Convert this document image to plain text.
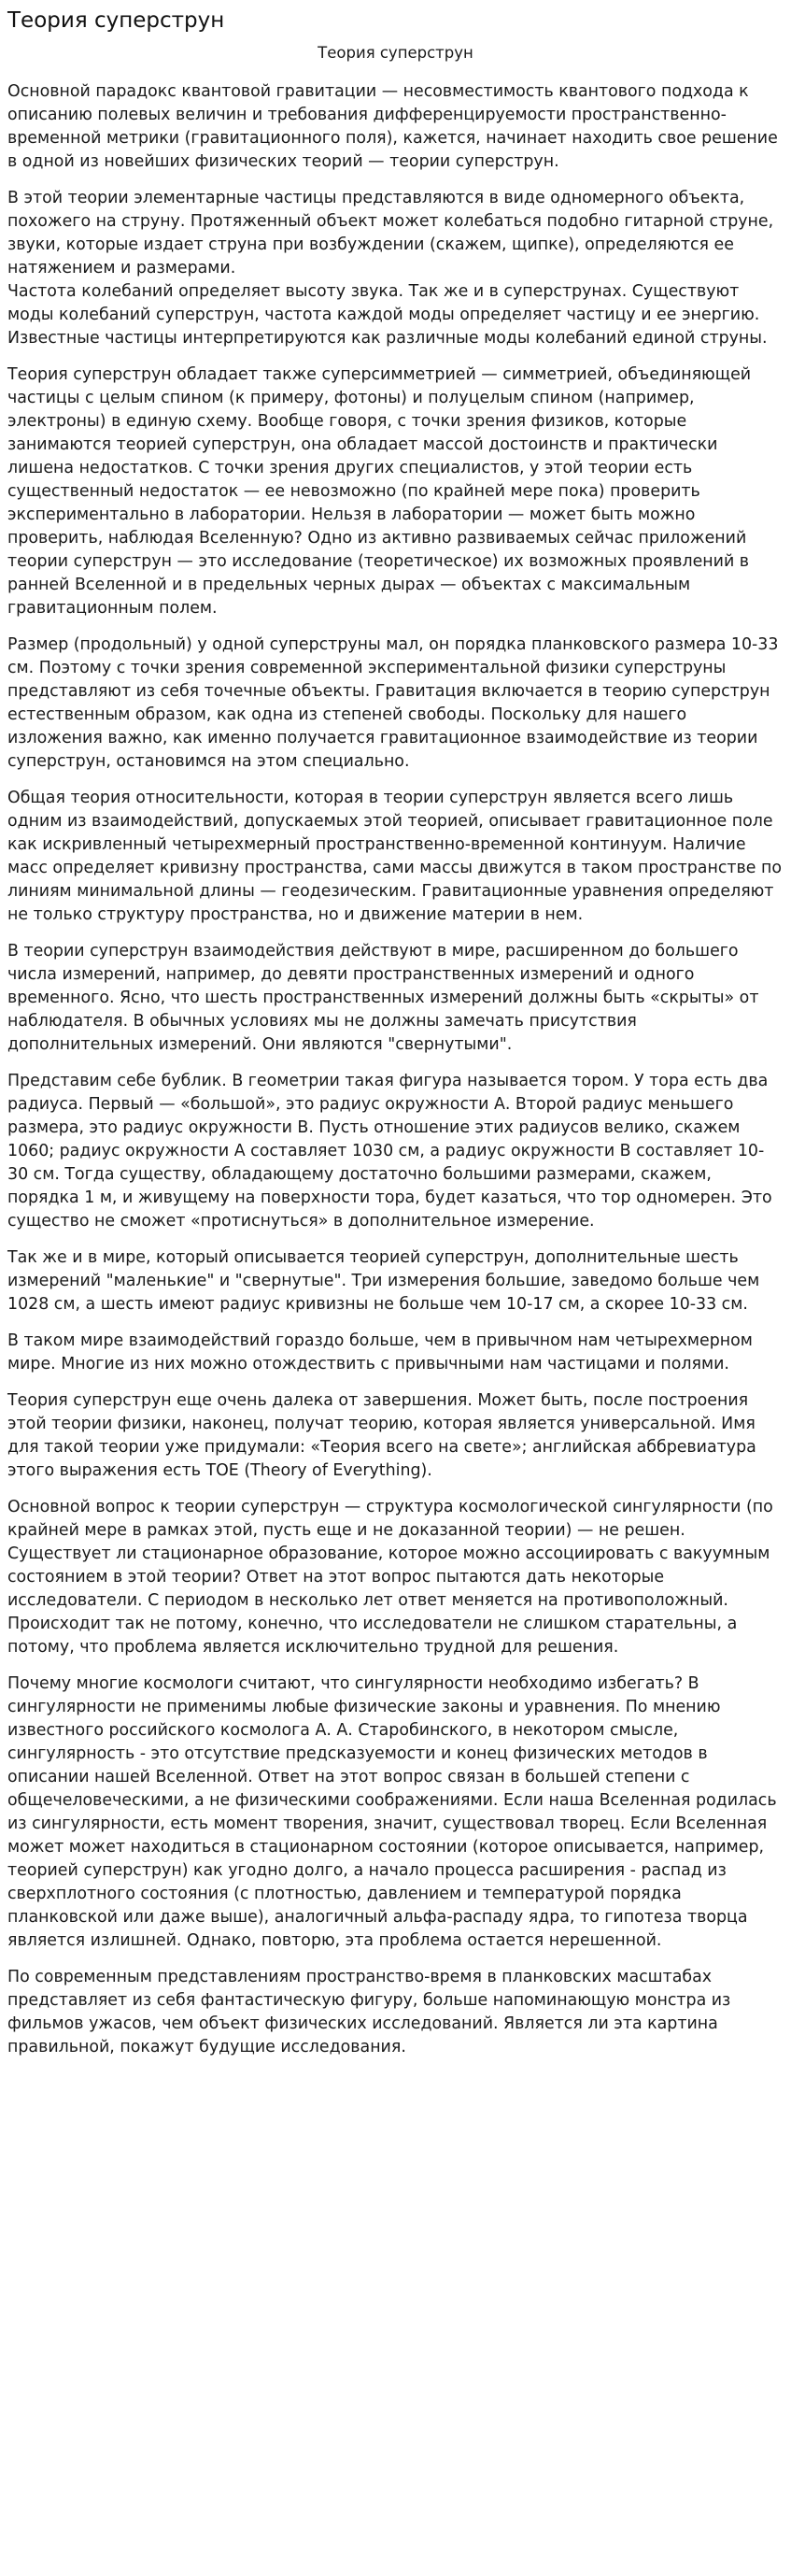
Теория суперструн
Теория суперструн

Основной парадокс квантовой гравитации — несовместимость квантового подхода к описанию полевых величин и требования дифференцируемости пространственно-временной метрики (гравитационного поля), кажется, начинает находить свое решение в одной из новейших физических теорий — теории суперструн.

В этой теории элементарные частицы представляются в виде одномерного объекта, похожего на струну. Протяженный объект может колебаться подобно гитарной струне, звуки, которые издает струна при возбуждении (скажем, щипке), определяются ее натяжением и размерами.

Частота колебаний определяет высоту звука. Так же и в суперструнах. Существуют моды колебаний суперструн, частота каждой моды определяет частицу и ее энергию. Известные частицы интерпретируются как различные моды колебаний единой струны.

Теория суперструн обладает также суперсимметрией — симметрией, объединяющей частицы с целым спином (к примеру, фотоны) и полуцелым спином (например, электроны) в единую схему. Вообще говоря, с точки зрения физиков, которые занимаются теорией суперструн, она обладает массой достоинств и практически лишена недостатков. С точки зрения других специалистов, у этой теории есть существенный недостаток — ее невозможно (по крайней мере пока) проверить экспериментально в лаборатории. Нельзя в лаборатории — может быть можно проверить, наблюдая Вселенную? Одно из активно развиваемых сейчас приложений теории суперструн — это исследование (теоретическое) их возможных проявлений в ранней Вселенной и в предельных черных дырах — объектах с максимальным гравитационным полем.

Размер (продольный) у одной суперструны мал, он порядка планковского размера 10-33 см. Поэтому с точки зрения современной экспериментальной физики суперструны представляют из себя точечные объекты. Гравитация включается в теорию суперструн естественным образом, как одна из степеней свободы. Поскольку для нашего изложения важно, как именно получается гравитационное взаимодействие из теории суперструн, остановимся на этом специально.

Общая теория относительности, которая в теории суперструн является всего лишь одним из взаимодействий, допускаемых этой теорией, описывает гравитационное поле как искривленный четырехмерный пространственно-временной континуум. Наличие масс определяет кривизну пространства, сами массы движутся в таком пространстве по линиям минимальной длины — геодезическим. Гравитационные уравнения определяют не только структуру пространства, но и движение материи в нем.

В теории суперструн взаимодействия действуют в мире, расширенном до большего числа измерений, например, до девяти пространственных измерений и одного временного. Ясно, что шесть пространственных измерений должны быть «скрыты» от наблюдателя. В обычных условиях мы не должны замечать присутствия дополнительных измерений. Они являются "свернутыми".

Представим себе бублик. В геометрии такая фигура называется тором. У тора есть два радиуса. Первый — «большой», это радиус окружности А. Второй радиус меньшего размера, это радиус окружности В. Пусть отношение этих радиусов велико, скажем 1060; радиус окружности А составляет 1030 см, а радиус окружности В составляет 10-30 см. Тогда существу, обладающему достаточно большими размерами, скажем, порядка 1 м, и живущему на поверхности тора, будет казаться, что тор одномерен. Это существо не сможет «протиснуться» в дополнительное измерение.

Так же и в мире, который описывается теорией суперструн, дополнительные шесть измерений "маленькие" и "свернутые". Три измерения большие, заведомо больше чем 1028 см, а шесть имеют радиус кривизны не больше чем 10-17 см, а скорее 10-33 см.

В таком мире взаимодействий гораздо больше, чем в привычном нам четырехмерном мире. Многие из них можно отождествить с привычными нам частицами и полями.

Теория суперструн еще очень далека от завершения. Может быть, после построения этой теории физики, наконец, получат теорию, которая является универсальной. Имя для такой теории уже придумали: «Теория всего на свете»; английская аббревиатура этого выражения есть TOE (Theory of Everything).

Основной вопрос к теории суперструн — структура космологической сингулярности (по крайней мере в рамках этой, пусть еще и не доказанной теории) — не решен. Существует ли стационарное образование, которое можно ассоциировать с вакуумным состоянием в этой теории? Ответ на этот вопрос пытаются дать некоторые исследователи. С периодом в несколько лет ответ меняется на противоположный. Происходит так не потому, конечно, что исследователи не слишком старательны, а потому, что проблема является исключительно трудной для решения.

Почему многие космологи считают, что сингулярности необходимо избегать? В сингулярности не применимы любые физические законы и уравнения. По мнению известного российского космолога А. А. Старобинского, в некотором смысле, сингулярность - это отсутствие предсказуемости и конец физических методов в описании нашей Вселенной. Ответ на этот вопрос связан в большей степени с общечеловеческими, а не физическими соображениями. Если наша Вселенная родилась из сингулярности, есть момент творения, значит, существовал творец. Если Вселенная может может находиться в стационарном состоянии (которое описывается, например, теорией суперструн) как угодно долго, а начало процесса расширения - распад из сверхплотного состояния (с плотностью, давлением и температурой порядка планковской или даже выше), аналогичный альфа-распаду ядра, то гипотеза творца является излишней. Однако, повторю, эта проблема остается нерешенной.

По современным представлениям пространство-время в планковских масштабах представляет из себя фантастическую фигуру, больше напоминающую монстра из фильмов ужасов, чем объект физических исследований. Является ли эта картина правильной, покажут будущие исследования.
